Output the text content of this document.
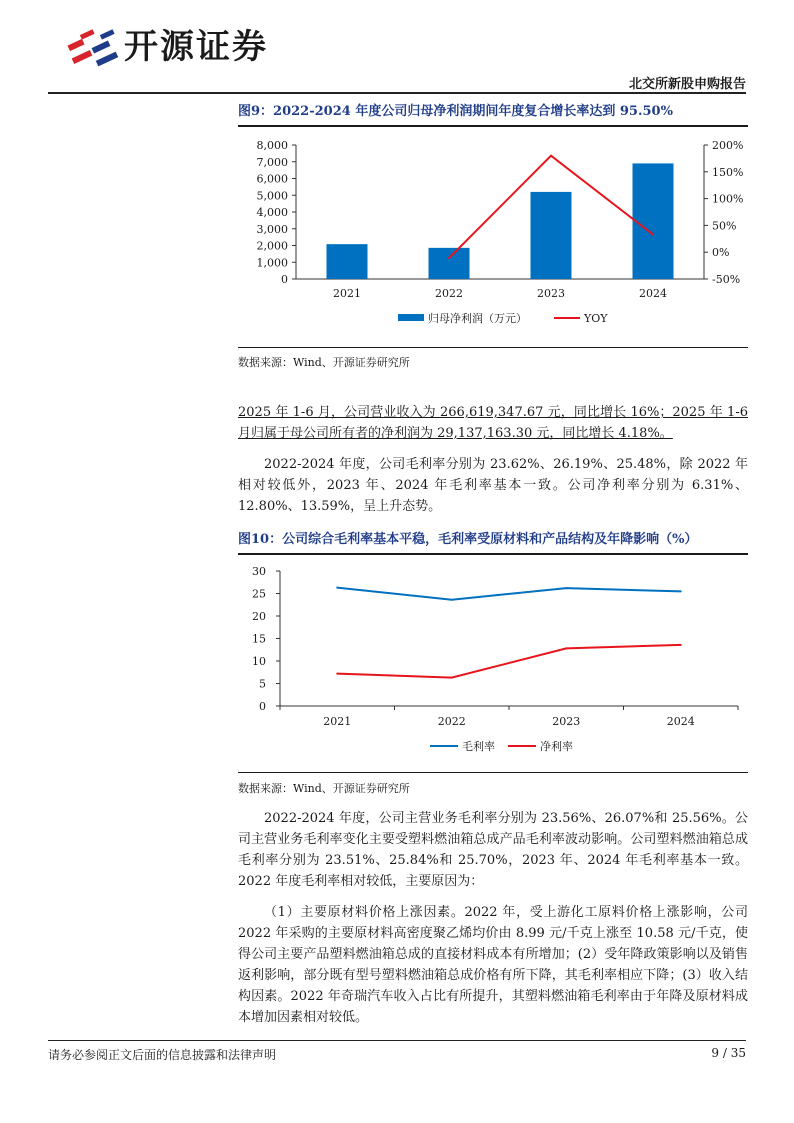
开源证券
北交所新股申购报告
图9：2022-2024 年度公司归母净利润期间年度复合增长率达到 95.50%
0
1,000
2,000
3,000
4,000
5,000
6,000
7,000
8,000
-50%
0%
50%
100%
150%
200%
2021	2022	2023	2024
归母净利润（万元）	YOY
数据来源：Wind、开源证券研究所
2025 年 1-6 月，公司营业收入为 266,619,347.67 元，同比增长 16%；2025 年 1-6 月归属于母公司所有者的净利润为 29,137,163.30 元，同比增长 4.18%。
2022-2024 年度，公司毛利率分别为 23.62%、26.19%、25.48%，除 2022 年相对较低外，2023 年、2024 年毛利率基本一致。公司净利率分别为 6.31%、12.80%、13.59%，呈上升态势。
图10：公司综合毛利率基本平稳，毛利率受原材料和产品结构及年降影响（%）
0
5
10
15
20
25
30
2021	2022	2023	2024
毛利率	净利率
数据来源：Wind、开源证券研究所
2022-2024 年度，公司主营业务毛利率分别为 23.56%、26.07%和 25.56%。公司主营业务毛利率变化主要受塑料燃油箱总成产品毛利率波动影响。公司塑料燃油箱总成毛利率分别为 23.51%、25.84%和 25.70%，2023 年、2024 年毛利率基本一致。2022 年度毛利率相对较低，主要原因为：
（1）主要原材料价格上涨因素。2022 年，受上游化工原料价格上涨影响，公司 2022 年采购的主要原材料高密度聚乙烯均价由 8.99 元/千克上涨至 10.58 元/千克，使得公司主要产品塑料燃油箱总成的直接材料成本有所增加；(2）受年降政策影响以及销售返利影响，部分既有型号塑料燃油箱总成价格有所下降，其毛利率相应下降；(3）收入结构因素。2022 年奇瑞汽车收入占比有所提升，其塑料燃油箱毛利率由于年降及原材料成本增加因素相对较低。
请务必参阅正文后面的信息披露和法律声明	9 / 35
